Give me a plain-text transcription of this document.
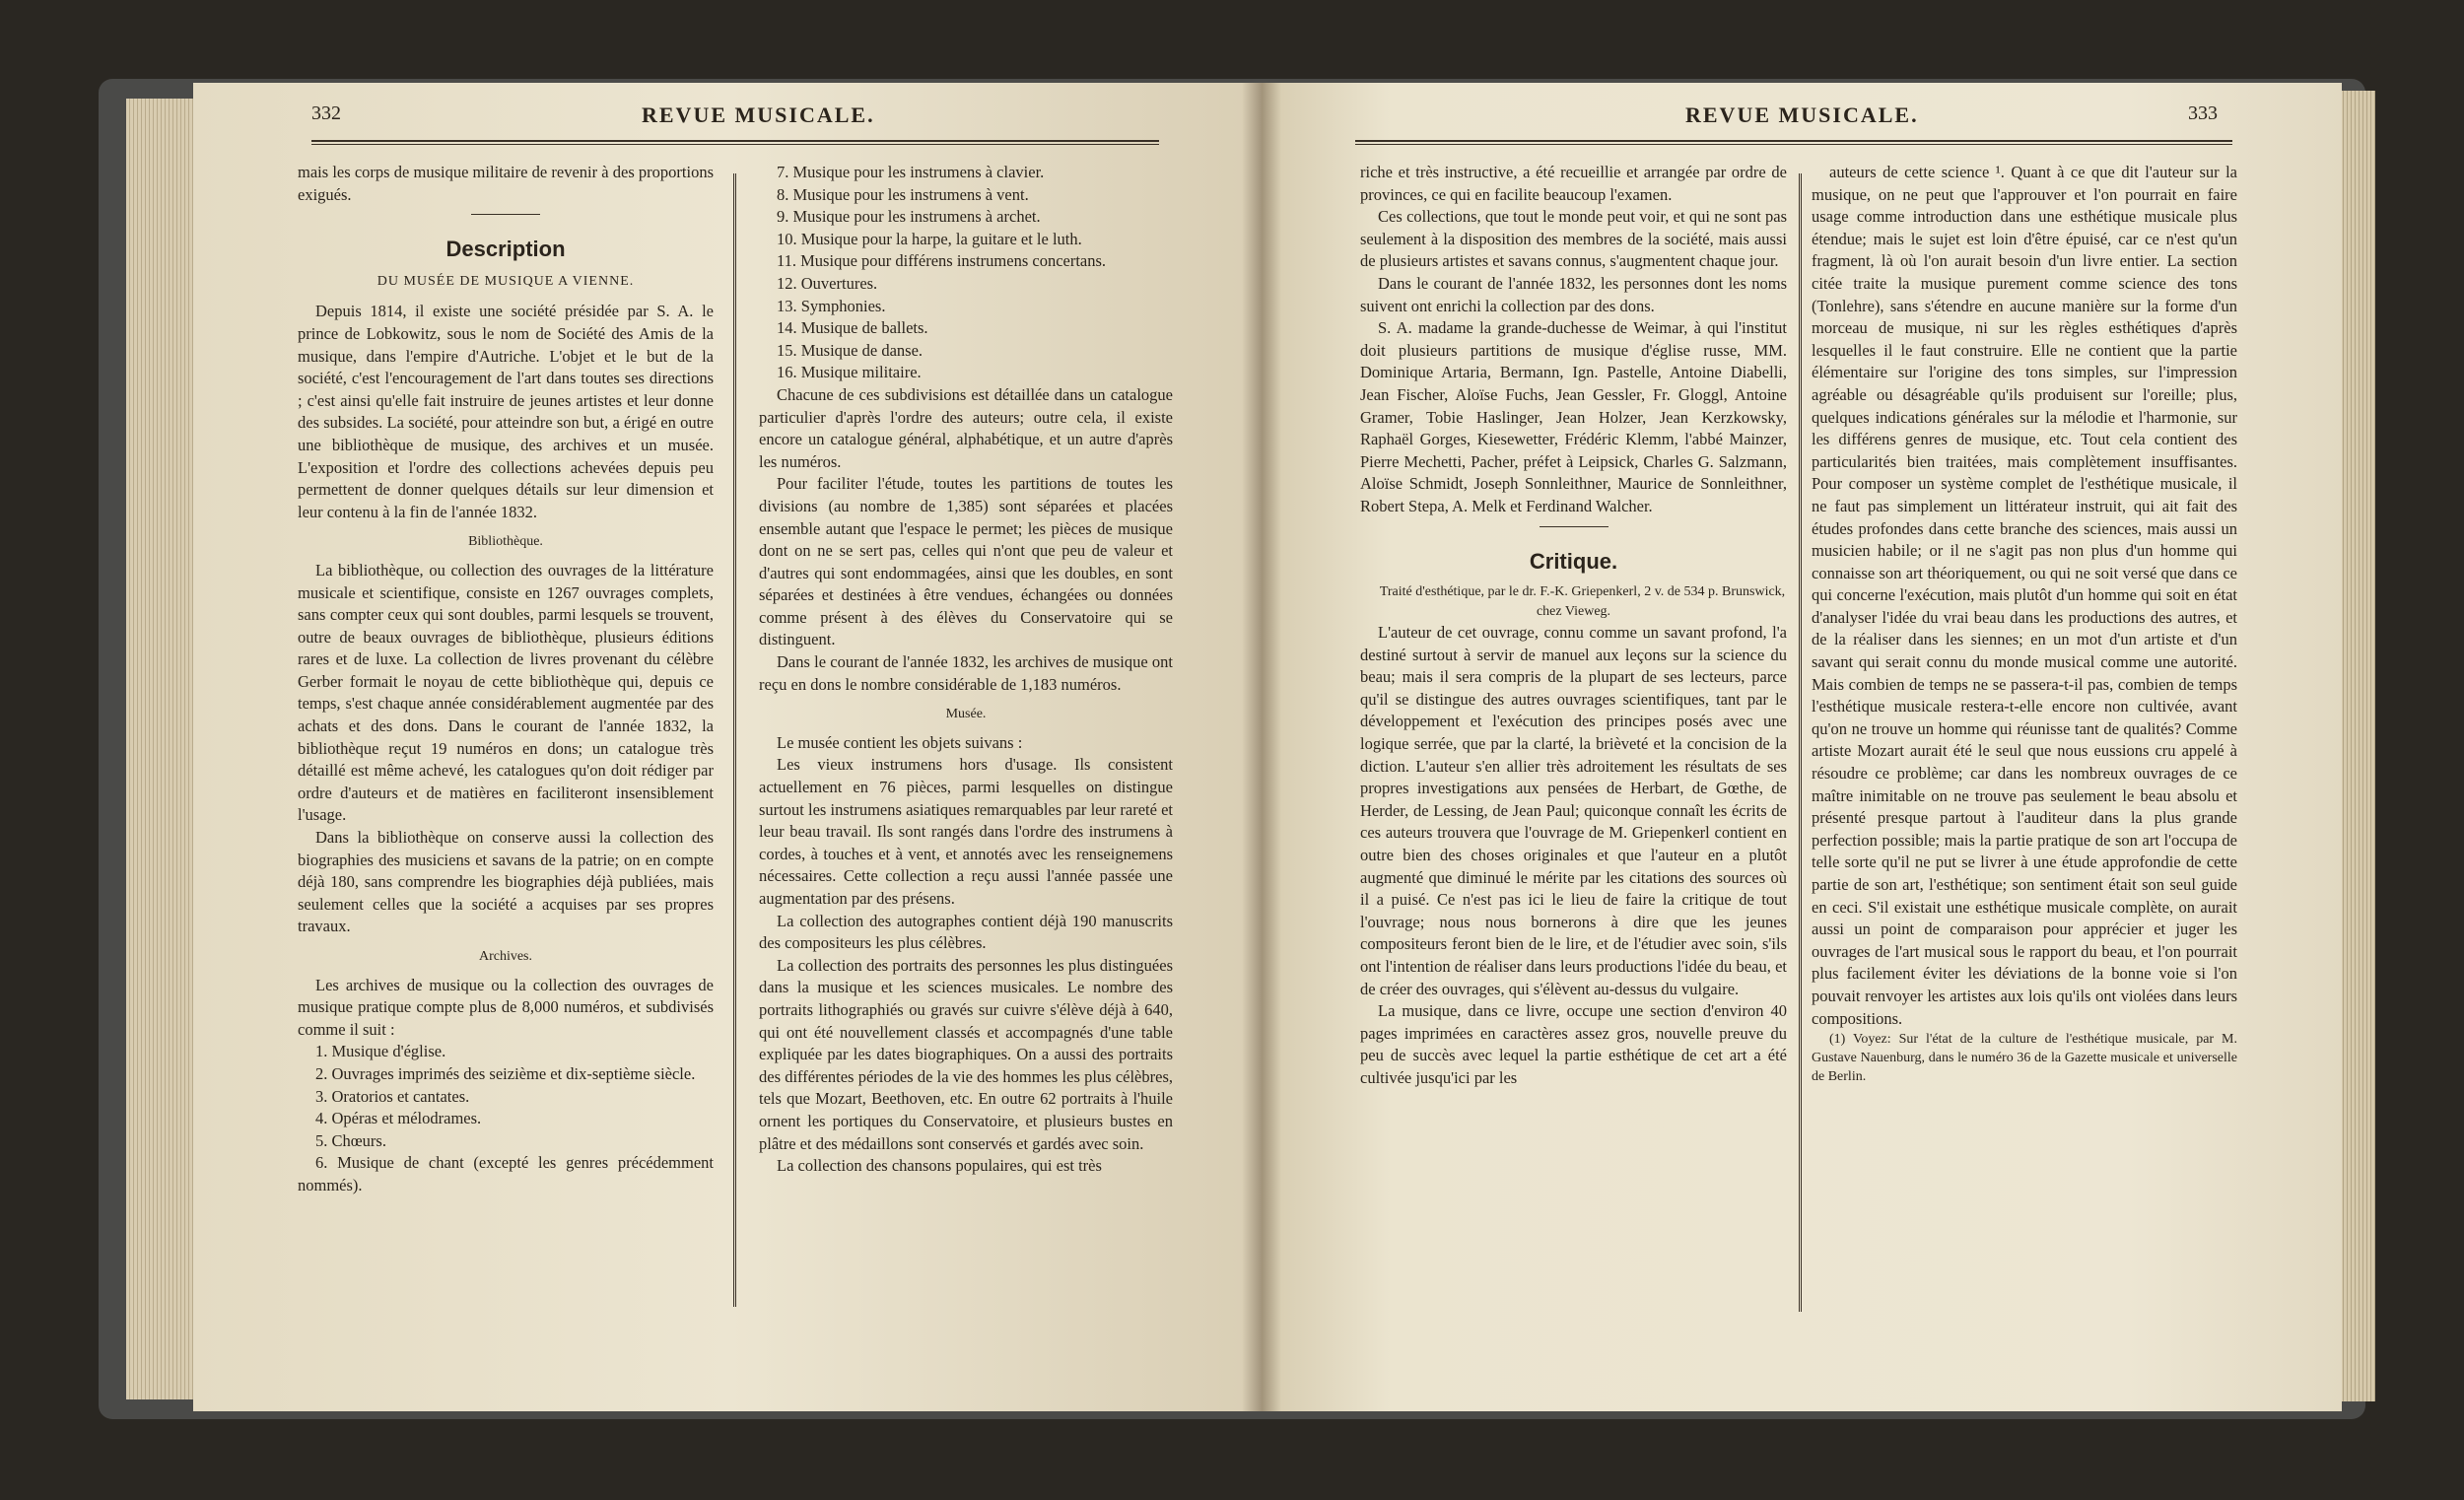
332	REVUE MUSICALE.

mais les corps de musique militaire de revenir à des proportions exigués.

Description
DU MUSÉE DE MUSIQUE A VIENNE.

Depuis 1814, il existe une société présidée par S. A. le prince de Lobkowitz, sous le nom de Société des Amis de la musique, dans l'empire d'Autriche. L'objet et le but de la société, c'est l'encouragement de l'art dans toutes ses directions ; c'est ainsi qu'elle fait instruire de jeunes artistes et leur donne des subsides. La société, pour atteindre son but, a érigé en outre une bibliothèque de musique, des archives et un musée. L'exposition et l'ordre des collections achevées depuis peu permettent de donner quelques détails sur leur dimension et leur contenu à la fin de l'année 1832.

Bibliothèque.

La bibliothèque, ou collection des ouvrages de la littérature musicale et scientifique, consiste en 1267 ouvrages complets, sans compter ceux qui sont doubles, parmi lesquels se trouvent, outre de beaux ouvrages de bibliothèque, plusieurs éditions rares et de luxe. La collection de livres provenant du célèbre Gerber formait le noyau de cette bibliothèque qui, depuis ce temps, s'est chaque année considérablement augmentée par des achats et des dons. Dans le courant de l'année 1832, la bibliothèque reçut 19 numéros en dons; un catalogue très détaillé est même achevé, les catalogues qu'on doit rédiger par ordre d'auteurs et de matières en faciliteront insensiblement l'usage.

Dans la bibliothèque on conserve aussi la collection des biographies des musiciens et savans de la patrie; on en compte déjà 180, sans comprendre les biographies déjà publiées, mais seulement celles que la société a acquises par ses propres travaux.

Archives.

Les archives de musique ou la collection des ouvrages de musique pratique compte plus de 8,000 numéros, et subdivisés comme il suit :

1. Musique d'église.

2. Ouvrages imprimés des seizième et dix-septième siècle.

3. Oratorios et cantates.

4. Opéras et mélodrames.

5. Chœurs.

6. Musique de chant (excepté les genres précédemment nommés).

7. Musique pour les instrumens à clavier.

8. Musique pour les instrumens à vent.

9. Musique pour les instrumens à archet.

10. Musique pour la harpe, la guitare et le luth.

11. Musique pour différens instrumens concertans.

12. Ouvertures.

13. Symphonies.

14. Musique de ballets.

15. Musique de danse.

16. Musique militaire.

Chacune de ces subdivisions est détaillée dans un catalogue particulier d'après l'ordre des auteurs; outre cela, il existe encore un catalogue général, alphabétique, et un autre d'après les numéros.

Pour faciliter l'étude, toutes les partitions de toutes les divisions (au nombre de 1,385) sont séparées et placées ensemble autant que l'espace le permet; les pièces de musique dont on ne se sert pas, celles qui n'ont que peu de valeur et d'autres qui sont endommagées, ainsi que les doubles, en sont séparées et destinées à être vendues, échangées ou données comme présent à des élèves du Conservatoire qui se distinguent.

Dans le courant de l'année 1832, les archives de musique ont reçu en dons le nombre considérable de 1,183 numéros.

Musée.

Le musée contient les objets suivans :

Les vieux instrumens hors d'usage. Ils consistent actuellement en 76 pièces, parmi lesquelles on distingue surtout les instrumens asiatiques remarquables par leur rareté et leur beau travail. Ils sont rangés dans l'ordre des instrumens à cordes, à touches et à vent, et annotés avec les renseignemens nécessaires. Cette collection a reçu aussi l'année passée une augmentation par des présens.

La collection des autographes contient déjà 190 manuscrits des compositeurs les plus célèbres.

La collection des portraits des personnes les plus distinguées dans la musique et les sciences musicales. Le nombre des portraits lithographiés ou gravés sur cuivre s'élève déjà à 640, qui ont été nouvellement classés et accompagnés d'une table expliquée par les dates biographiques. On a aussi des portraits des différentes périodes de la vie des hommes les plus célèbres, tels que Mozart, Beethoven, etc. En outre 62 portraits à l'huile ornent les portiques du Conservatoire, et plusieurs bustes en plâtre et des médaillons sont conservés et gardés avec soin.

La collection des chansons populaires, qui est très

REVUE MUSICALE.	333

riche et très instructive, a été recueillie et arrangée par ordre de provinces, ce qui en facilite beaucoup l'examen.

Ces collections, que tout le monde peut voir, et qui ne sont pas seulement à la disposition des membres de la société, mais aussi de plusieurs artistes et savans connus, s'augmentent chaque jour.

Dans le courant de l'année 1832, les personnes dont les noms suivent ont enrichi la collection par des dons.

S. A. madame la grande-duchesse de Weimar, à qui l'institut doit plusieurs partitions de musique d'église russe, MM. Dominique Artaria, Bermann, Ign. Pastelle, Antoine Diabelli, Jean Fischer, Aloïse Fuchs, Jean Gessler, Fr. Gloggl, Antoine Gramer, Tobie Haslinger, Jean Holzer, Jean Kerzkowsky, Raphaël Gorges, Kiesewetter, Frédéric Klemm, l'abbé Mainzer, Pierre Mechetti, Pacher, préfet à Leipsick, Charles G. Salzmann, Aloïse Schmidt, Joseph Sonnleithner, Maurice de Sonnleithner, Robert Stepa, A. Melk et Ferdinand Walcher.

Critique.

Traité d'esthétique, par le dr. F.-K. Griepenkerl, 2 v. de 534 p. Brunswick, chez Vieweg.

L'auteur de cet ouvrage, connu comme un savant profond, l'a destiné surtout à servir de manuel aux leçons sur la science du beau; mais il sera compris de la plupart de ses lecteurs, parce qu'il se distingue des autres ouvrages scientifiques, tant par le développement et l'exécution des principes posés avec une logique serrée, que par la clarté, la brièveté et la concision de la diction. L'auteur s'en allier très adroitement les résultats de ses propres investigations aux pensées de Herbart, de Gœthe, de Herder, de Lessing, de Jean Paul; quiconque connaît les écrits de ces auteurs trouvera que l'ouvrage de M. Griepenkerl contient en outre bien des choses originales et que l'auteur en a plutôt augmenté que diminué le mérite par les citations des sources où il a puisé. Ce n'est pas ici le lieu de faire la critique de tout l'ouvrage; nous nous bornerons à dire que les jeunes compositeurs feront bien de le lire, et de l'étudier avec soin, s'ils ont l'intention de réaliser dans leurs productions l'idée du beau, et de créer des ouvrages, qui s'élèvent au-dessus du vulgaire.

La musique, dans ce livre, occupe une section d'environ 40 pages imprimées en caractères assez gros, nouvelle preuve du peu de succès avec lequel la partie esthétique de cet art a été cultivée jusqu'ici par les

auteurs de cette science ¹. Quant à ce que dit l'auteur sur la musique, on ne peut que l'approuver et l'on pourrait en faire usage comme introduction dans une esthétique musicale plus étendue; mais le sujet est loin d'être épuisé, car ce n'est qu'un fragment, là où l'on aurait besoin d'un livre entier. La section citée traite la musique purement comme science des tons (Tonlehre), sans s'étendre en aucune manière sur la forme d'un morceau de musique, ni sur les règles esthétiques d'après lesquelles il le faut construire. Elle ne contient que la partie élémentaire sur l'origine des tons simples, sur l'impression agréable ou désagréable qu'ils produisent sur l'oreille; plus, quelques indications générales sur la mélodie et l'harmonie, sur les différens genres de musique, etc. Tout cela contient des particularités bien traitées, mais complètement insuffisantes. Pour composer un système complet de l'esthétique musicale, il ne faut pas simplement un littérateur instruit, qui ait fait des études profondes dans cette branche des sciences, mais aussi un musicien habile; or il ne s'agit pas non plus d'un homme qui connaisse son art théoriquement, ou qui ne soit versé que dans ce qui concerne l'exécution, mais plutôt d'un homme qui soit en état d'analyser l'idée du vrai beau dans les productions des autres, et de la réaliser dans les siennes; en un mot d'un artiste et d'un savant qui serait connu du monde musical comme une autorité. Mais combien de temps ne se passera-t-il pas, combien de temps l'esthétique musicale restera-t-elle encore non cultivée, avant qu'on ne trouve un homme qui réunisse tant de qualités? Comme artiste Mozart aurait été le seul que nous eussions cru appelé à résoudre ce problème; car dans les nombreux ouvrages de ce maître inimitable on ne trouve pas seulement le beau absolu et présenté presque partout à l'auditeur dans la plus grande perfection possible; mais la partie pratique de son art l'occupa de telle sorte qu'il ne put se livrer à une étude approfondie de cette partie de son art, l'esthétique; son sentiment était son seul guide en ceci. S'il existait une esthétique musicale complète, on aurait aussi un point de comparaison pour apprécier et juger les ouvrages de l'art musical sous le rapport du beau, et l'on pourrait plus facilement éviter les déviations de la bonne voie si l'on pouvait renvoyer les artistes aux lois qu'ils ont violées dans leurs compositions.

(1) Voyez: Sur l'état de la culture de l'esthétique musicale, par M. Gustave Nauenburg, dans le numéro 36 de la Gazette musicale et universelle de Berlin.
